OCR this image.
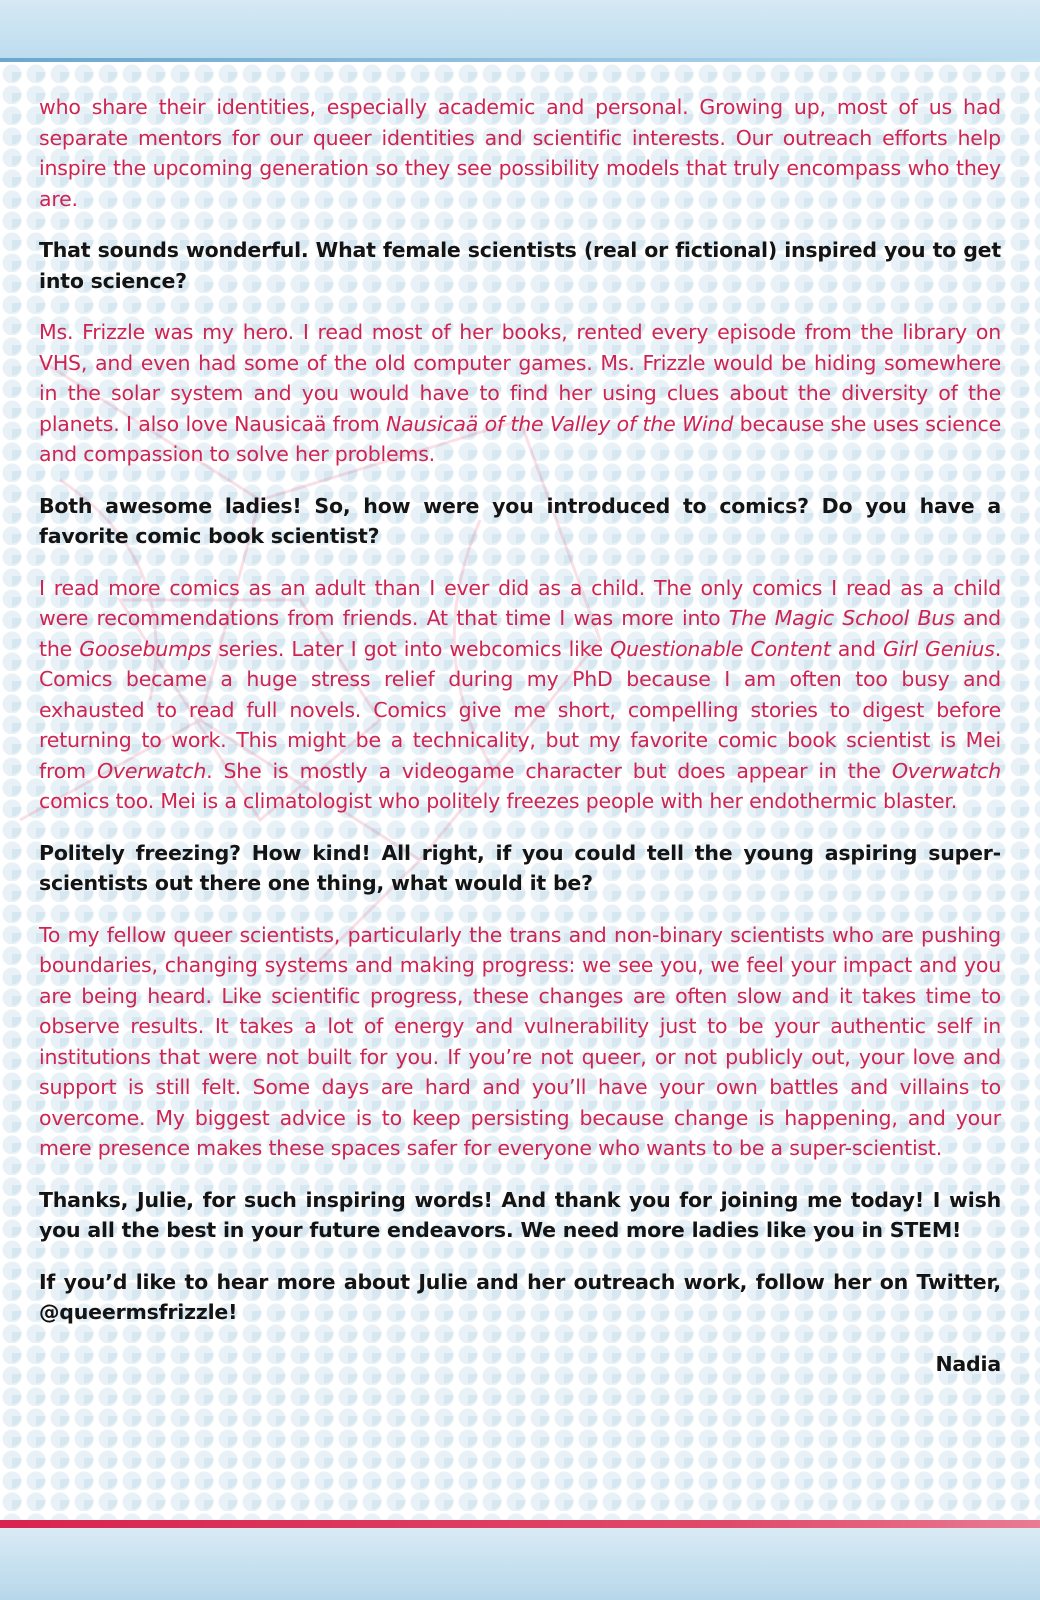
who share their identities, especially academic and personal. Growing up, most of us had separate mentors for our queer identities and scientific interests. Our outreach efforts help inspire the upcoming generation so they see possibility models that truly encompass who they are.

That sounds wonderful. What female scientists (real or fictional) inspired you to get into science?

Ms. Frizzle was my hero. I read most of her books, rented every episode from the library on VHS, and even had some of the old computer games. Ms. Frizzle would be hiding somewhere in the solar system and you would have to find her using clues about the diversity of the planets. I also love Nausicaä from Nausicaä of the Valley of the Wind because she uses science and compassion to solve her problems.

Both awesome ladies! So, how were you introduced to comics? Do you have a favorite comic book scientist?

I read more comics as an adult than I ever did as a child. The only comics I read as a child were recommendations from friends. At that time I was more into The Magic School Bus and the Goosebumps series. Later I got into webcomics like Questionable Content and Girl Genius. Comics became a huge stress relief during my PhD because I am often too busy and exhausted to read full novels. Comics give me short, compelling stories to digest before returning to work. This might be a technicality, but my favorite comic book scientist is Mei from Overwatch. She is mostly a videogame character but does appear in the Overwatch comics too. Mei is a climatologist who politely freezes people with her endothermic blaster.

Politely freezing? How kind! All right, if you could tell the young aspiring super-scientists out there one thing, what would it be?

To my fellow queer scientists, particularly the trans and non-binary scientists who are pushing boundaries, changing systems and making progress: we see you, we feel your impact and you are being heard. Like scientific progress, these changes are often slow and it takes time to observe results. It takes a lot of energy and vulnerability just to be your authentic self in institutions that were not built for you. If you’re not queer, or not publicly out, your love and support is still felt. Some days are hard and you’ll have your own battles and villains to overcome. My biggest advice is to keep persisting because change is happening, and your mere presence makes these spaces safer for everyone who wants to be a super-scientist.

Thanks, Julie, for such inspiring words! And thank you for joining me today! I wish you all the best in your future endeavors. We need more ladies like you in STEM!

If you’d like to hear more about Julie and her outreach work, follow her on Twitter, @queermsfrizzle!

Nadia
